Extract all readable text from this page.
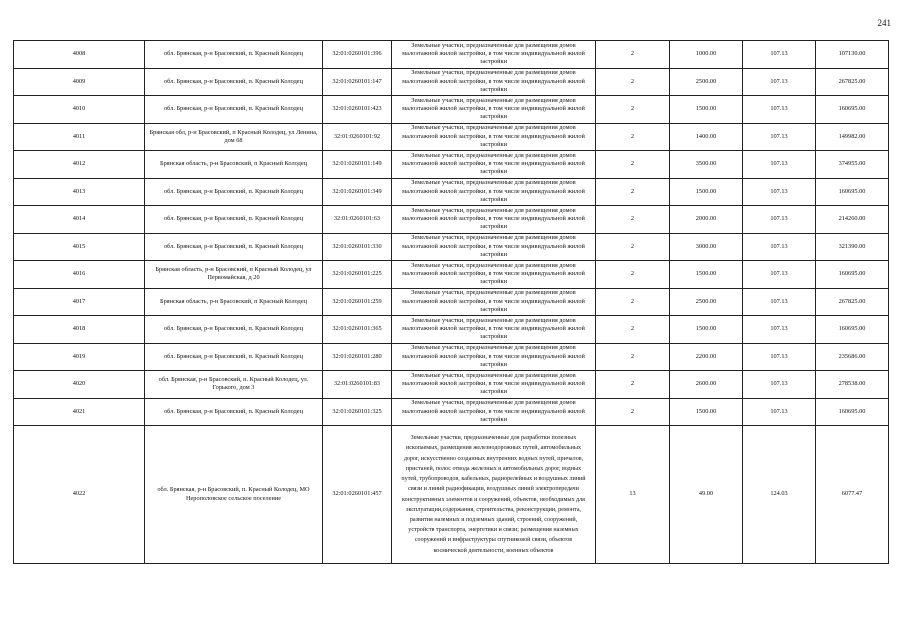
241
4008	обл. Брянская, р-н Брасовский, п. Красный Колодец	32:01:0260101:396	Земельные участки, предназначенные для размещения домов малоэтажной жилой застройки, в том числе индивидуальной жилой застройки	2	1000.00	107.13	107130.00
4009	обл. Брянская, р-н Брасовский, п. Красный Колодец	32:01:0260101:147	Земельные участки, предназначенные для размещения домов малоэтажной жилой застройки, в том числе индивидуальной жилой застройки	2	2500.00	107.13	267825.00
4010	обл. Брянская, р-н Брасовский, п. Красный Колодец	32:01:0260101:423	Земельные участки, предназначенные для размещения домов малоэтажной жилой застройки, в том числе индивидуальной жилой застройки	2	1500.00	107.13	160695.00
4011	Брянская обл, р-н Брасовский, п Красный Колодец, ул Ленина, дом 68	32:01:0260101:92	Земельные участки, предназначенные для размещения домов малоэтажной жилой застройки, в том числе индивидуальной жилой застройки	2	1400.00	107.13	149982.00
4012	Брянская область, р-н Брасовский, п Красный Колодец	32:01:0260101:149	Земельные участки, предназначенные для размещения домов малоэтажной жилой застройки, в том числе индивидуальной жилой застройки	2	3500.00	107.13	374955.00
4013	обл. Брянская, р-н Брасовский, п. Красный Колодец	32:01:0260101:349	Земельные участки, предназначенные для размещения домов малоэтажной жилой застройки, в том числе индивидуальной жилой застройки	2	1500.00	107.13	160695.00
4014	обл. Брянская, р-н Брасовский, п. Красный Колодец	32:01:0260101:63	Земельные участки, предназначенные для размещения домов малоэтажной жилой застройки, в том числе индивидуальной жилой застройки	2	2000.00	107.13	214260.00
4015	обл. Брянская, р-н Брасовский, п. Красный Колодец	32:01:0260101:330	Земельные участки, предназначенные для размещения домов малоэтажной жилой застройки, в том числе индивидуальной жилой застройки	2	3000.00	107.13	321390.00
4016	Брянская область, р-н Брасовский, п Красный Колодец, ул Первомайская, д 20	32:01:0260101:225	Земельные участки, предназначенные для размещения домов малоэтажной жилой застройки, в том числе индивидуальной жилой застройки	2	1500.00	107.13	160695.00
4017	Брянская область, р-н Брасовский, п Красный Колодец	32:01:0260101:259	Земельные участки, предназначенные для размещения домов малоэтажной жилой застройки, в том числе индивидуальной жилой застройки	2	2500.00	107.13	267825.00
4018	обл. Брянская, р-н Брасовский, п. Красный Колодец	32:01:0260101:365	Земельные участки, предназначенные для размещения домов малоэтажной жилой застройки, в том числе индивидуальной жилой застройки	2	1500.00	107.13	160695.00
4019	обл. Брянская, р-н Брасовский, п. Красный Колодец	32:01:0260101:280	Земельные участки, предназначенные для размещения домов малоэтажной жилой застройки, в том числе индивидуальной жилой застройки	2	2200.00	107.13	235686.00
4020	обл. Брянская, р-н Брасовский, п. Красный Колодец, ул. Горького, дом 3	32:01:0260101:83	Земельные участки, предназначенные для размещения домов малоэтажной жилой застройки, в том числе индивидуальной жилой застройки	2	2600.00	107.13	278538.00
4021	обл. Брянская, р-н Брасовский, п. Красный Колодец	32:01:0260101:325	Земельные участки, предназначенные для размещения домов малоэтажной жилой застройки, в том числе индивидуальной жилой застройки	2	1500.00	107.13	160695.00
4022	обл. Брянская, р-н Брасовский, п. Красный Колодец, МО Нерополовское сельское поселение	32:01:0260101:457	Земельные участки, предназначенные для разработки полезных ископаемых, размещения железнодорожных путей, автомобильных дорог, искусственно созданных внутренних водных путей, причалов, пристаней, полос отвода железных и автомобильных дорог, водных путей, трубопроводов, кабельных, радиорелейных и воздушных линий связи и линий радиофикации, воздушных линий электропередачи конструктивных элементов и сооружений, объектов, необходимых для эксплуатации,содержания, строительства, реконструкции, ремонта, развития наземных и подземных зданий, строений, сооружений, устройств транспорта, энергетики и связи; размещения наземных сооружений и инфраструктуры спутниковой связи, объектов космической деятельности, военных объектов	13	49.00	124.03	6077.47
